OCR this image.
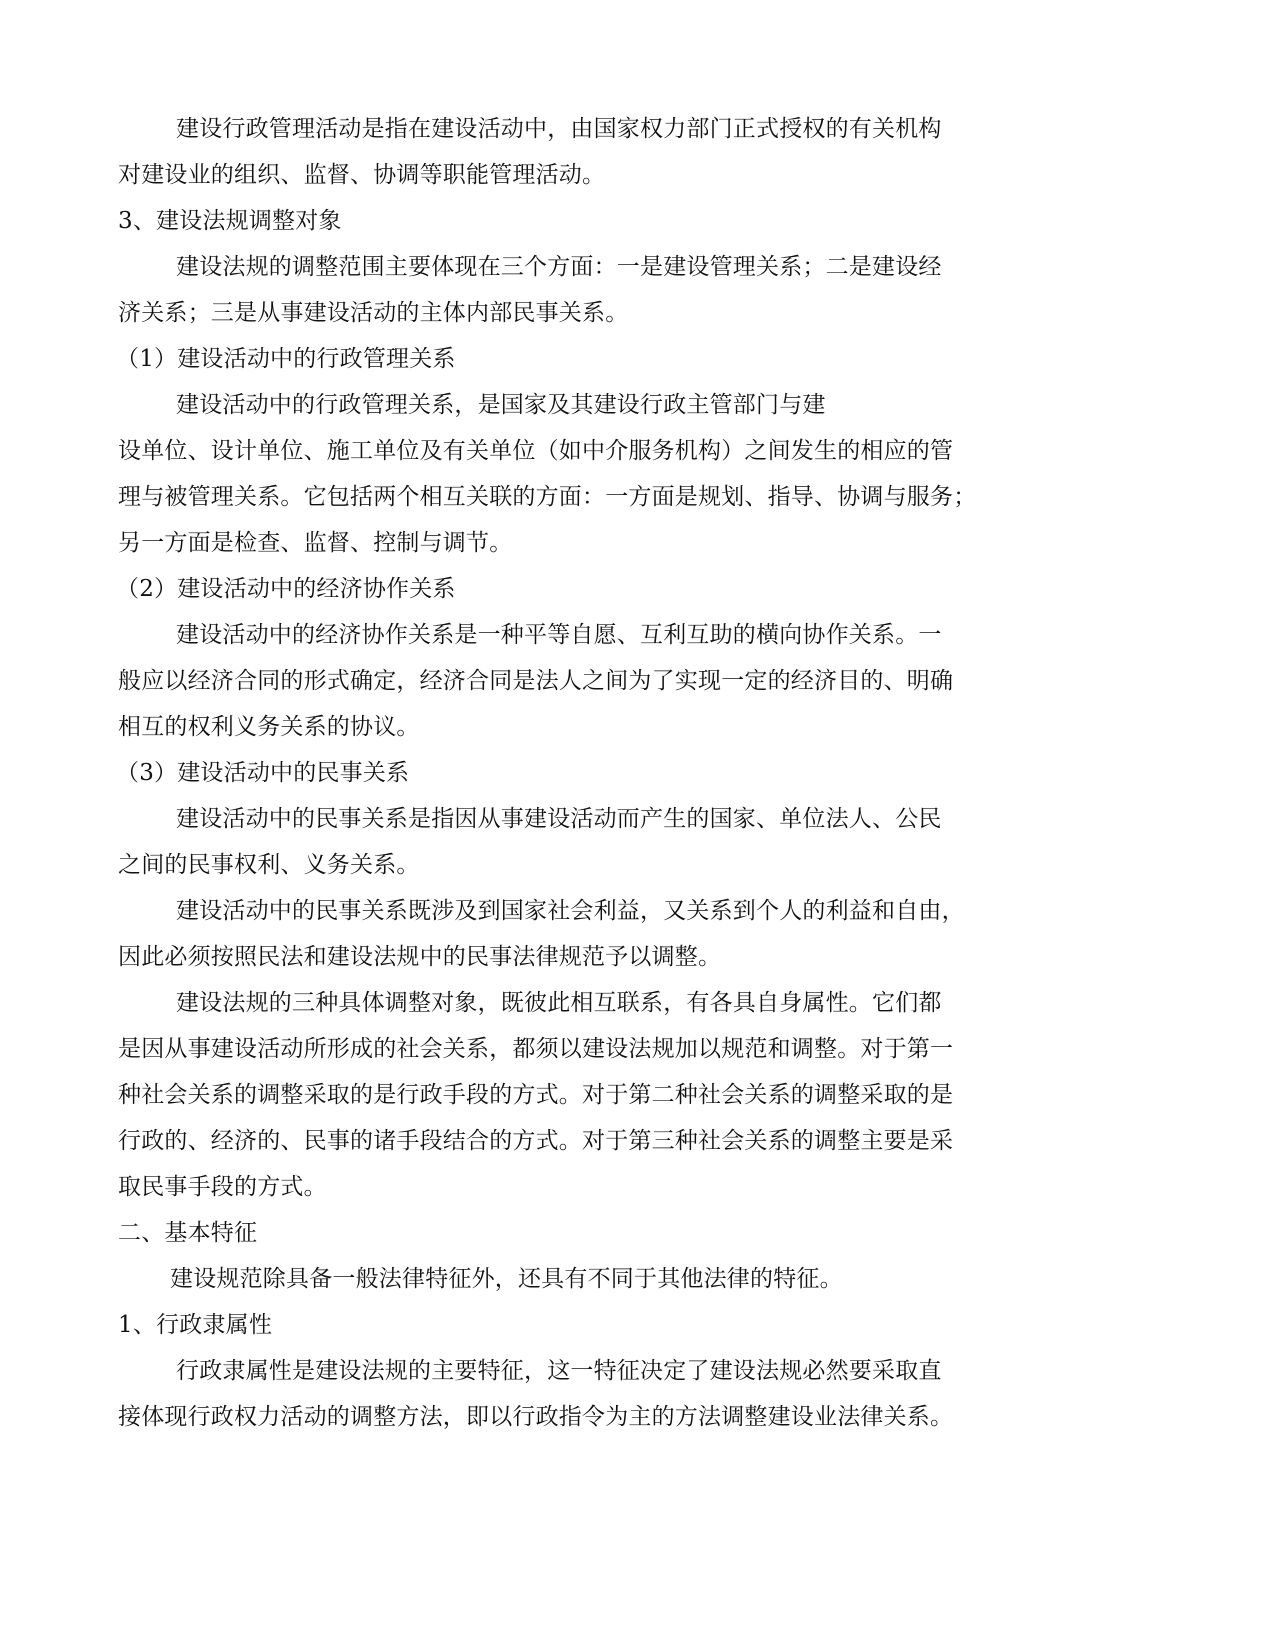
建设行政管理活动是指在建设活动中，由国家权力部门正式授权的有关机构
对建设业的组织、监督、协调等职能管理活动。
3、建设法规调整对象
建设法规的调整范围主要体现在三个方面：一是建设管理关系；二是建设经
济关系；三是从事建设活动的主体内部民事关系。
（1）建设活动中的行政管理关系
建设活动中的行政管理关系，是国家及其建设行政主管部门与建
设单位、设计单位、施工单位及有关单位（如中介服务机构）之间发生的相应的管
理与被管理关系。它包括两个相互关联的方面：一方面是规划、指导、协调与服务；
另一方面是检查、监督、控制与调节。
（2）建设活动中的经济协作关系
建设活动中的经济协作关系是一种平等自愿、互利互助的横向协作关系。一
般应以经济合同的形式确定，经济合同是法人之间为了实现一定的经济目的、明确
相互的权利义务关系的协议。
（3）建设活动中的民事关系
建设活动中的民事关系是指因从事建设活动而产生的国家、单位法人、公民
之间的民事权利、义务关系。
建设活动中的民事关系既涉及到国家社会利益，又关系到个人的利益和自由，
因此必须按照民法和建设法规中的民事法律规范予以调整。
建设法规的三种具体调整对象，既彼此相互联系，有各具自身属性。它们都
是因从事建设活动所形成的社会关系，都须以建设法规加以规范和调整。对于第一
种社会关系的调整采取的是行政手段的方式。对于第二种社会关系的调整采取的是
行政的、经济的、民事的诸手段结合的方式。对于第三种社会关系的调整主要是采
取民事手段的方式。
二、基本特征
建设规范除具备一般法律特征外，还具有不同于其他法律的特征。
1、行政隶属性
行政隶属性是建设法规的主要特征，这一特征决定了建设法规必然要采取直
接体现行政权力活动的调整方法，即以行政指令为主的方法调整建设业法律关系。
